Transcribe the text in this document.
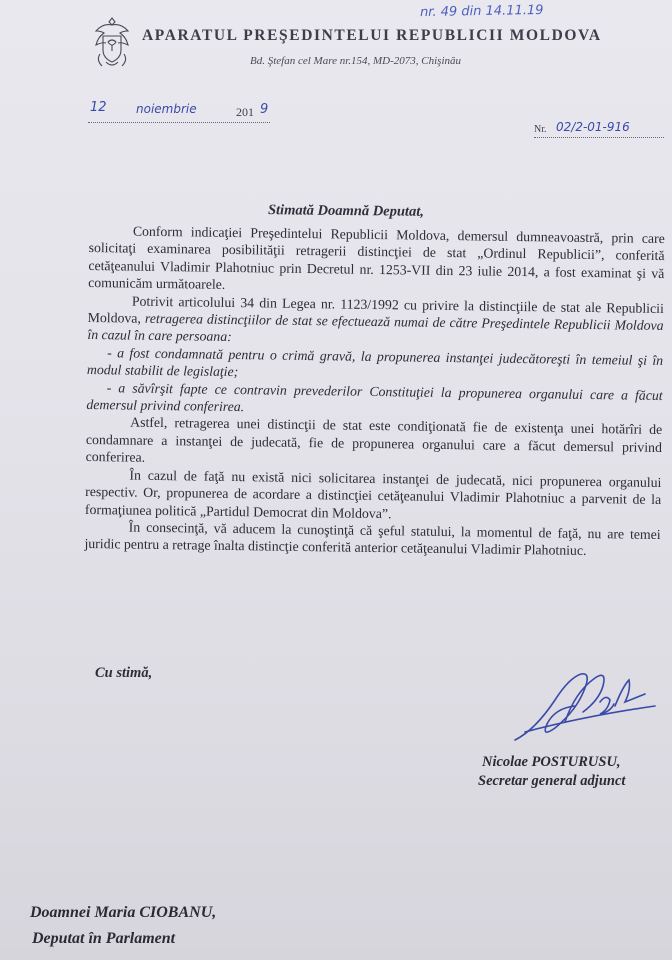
APARATUL PREŞEDINTELUI REPUBLICII MOLDOVA
Bd. Ştefan cel Mare nr.154, MD-2073, Chişinău
nr. 49 din 14.11.19
12 noiembrie	201 9
Nr. 02/2-01-916
Stimată Doamnă Deputat,

Conform indicaţiei Preşedintelui Republicii Moldova, demersul dumneavoastră, prin care solicitaţi examinarea posibilităţii retragerii distincţiei de stat „Ordinul Republicii”, conferită cetăţeanului Vladimir Plahotniuc prin Decretul nr. 1253-VII din 23 iulie 2014, a fost examinat şi vă comunicăm următoarele.

Potrivit articolului 34 din Legea nr. 1123/1992 cu privire la distincţiile de stat ale Republicii Moldova, retragerea distincţiilor de stat se efectuează numai de către Preşedintele Republicii Moldova în cazul în care persoana:

- a fost condamnată pentru o crimă gravă, la propunerea instanţei judecătoreşti în temeiul şi în modul stabilit de legislaţie;

- a săvîrşit fapte ce contravin prevederilor Constituţiei la propunerea organului care a făcut demersul privind conferirea.

Astfel, retragerea unei distincţii de stat este condiţionată fie de existenţa unei hotărîri de condamnare a instanţei de judecată, fie de propunerea organului care a făcut demersul privind conferirea.

În cazul de faţă nu există nici solicitarea instanţei de judecată, nici propunerea organului respectiv. Or, propunerea de acordare a distincţiei cetăţeanului Vladimir Plahotniuc a parvenit de la formaţiunea politică „Partidul Democrat din Moldova”.

În consecinţă, vă aducem la cunoştinţă că şeful statului, la momentul de faţă, nu are temei juridic pentru a retrage înalta distincţie conferită anterior cetăţeanului Vladimir Plahotniuc.

Cu stimă,
Nicolae POSTURUSU,
Secretar general adjunct
Doamnei Maria CIOBANU,
Deputat în Parlament
